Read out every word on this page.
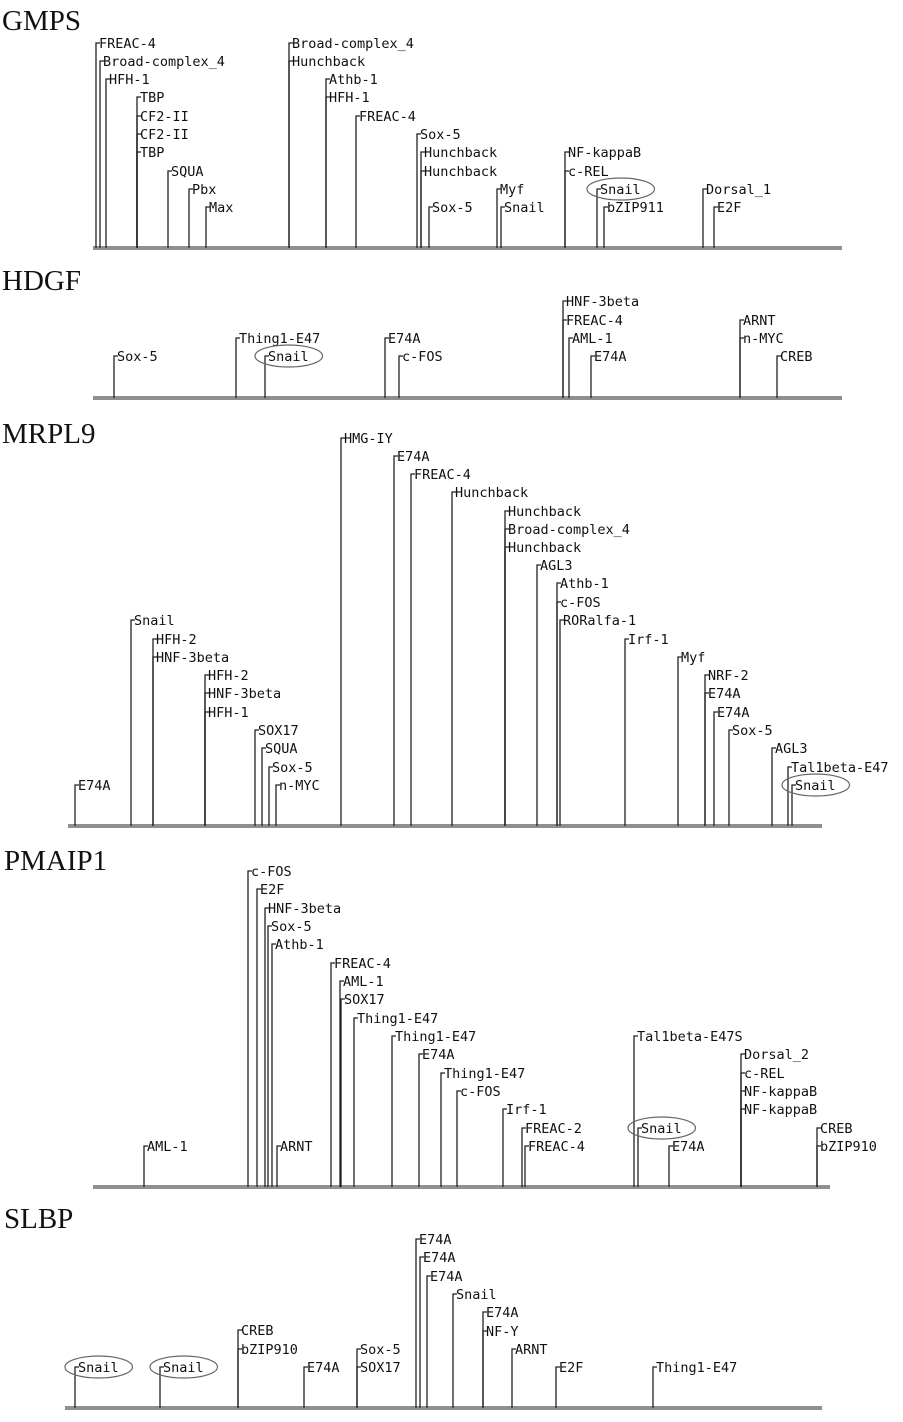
GMPS
FREAC-4
Broad-complex_4
HFH-1
TBP
CF2-II
CF2-II
TBP
SQUA
Pbx
Max
Broad-complex_4
Hunchback
Athb-1
HFH-1
FREAC-4
Sox-5
Hunchback
Hunchback
Sox-5
Myf
Snail
NF-kappaB
c-REL
Snail
bZIP911
Dorsal_1
E2F
HDGF
Sox-5
Thing1-E47
Snail
E74A
c-FOS
HNF-3beta
FREAC-4
AML-1
E74A
ARNT
n-MYC
CREB
MRPL9
E74A
Snail
HFH-2
HNF-3beta
HFH-2
HNF-3beta
HFH-1
SOX17
SQUA
Sox-5
n-MYC
HMG-IY
E74A
FREAC-4
Hunchback
Hunchback
Broad-complex_4
Hunchback
AGL3
Athb-1
c-FOS
RORalfa-1
Irf-1
Myf
NRF-2
E74A
E74A
Sox-5
AGL3
Tal1beta-E47
Snail
PMAIP1
AML-1
c-FOS
E2F
HNF-3beta
Sox-5
Athb-1
ARNT
FREAC-4
AML-1
SOX17
Thing1-E47
Thing1-E47
E74A
Thing1-E47
c-FOS
Irf-1
FREAC-2
FREAC-4
Tal1beta-E47S
Snail
E74A
Dorsal_2
c-REL
NF-kappaB
NF-kappaB
CREB
bZIP910
SLBP
Snail	Snail
CREB
bZIP910
E74A
Sox-5
SOX17
E74A
E74A
E74A
Snail
E74A
NF-Y
ARNT
E2F	Thing1-E47
